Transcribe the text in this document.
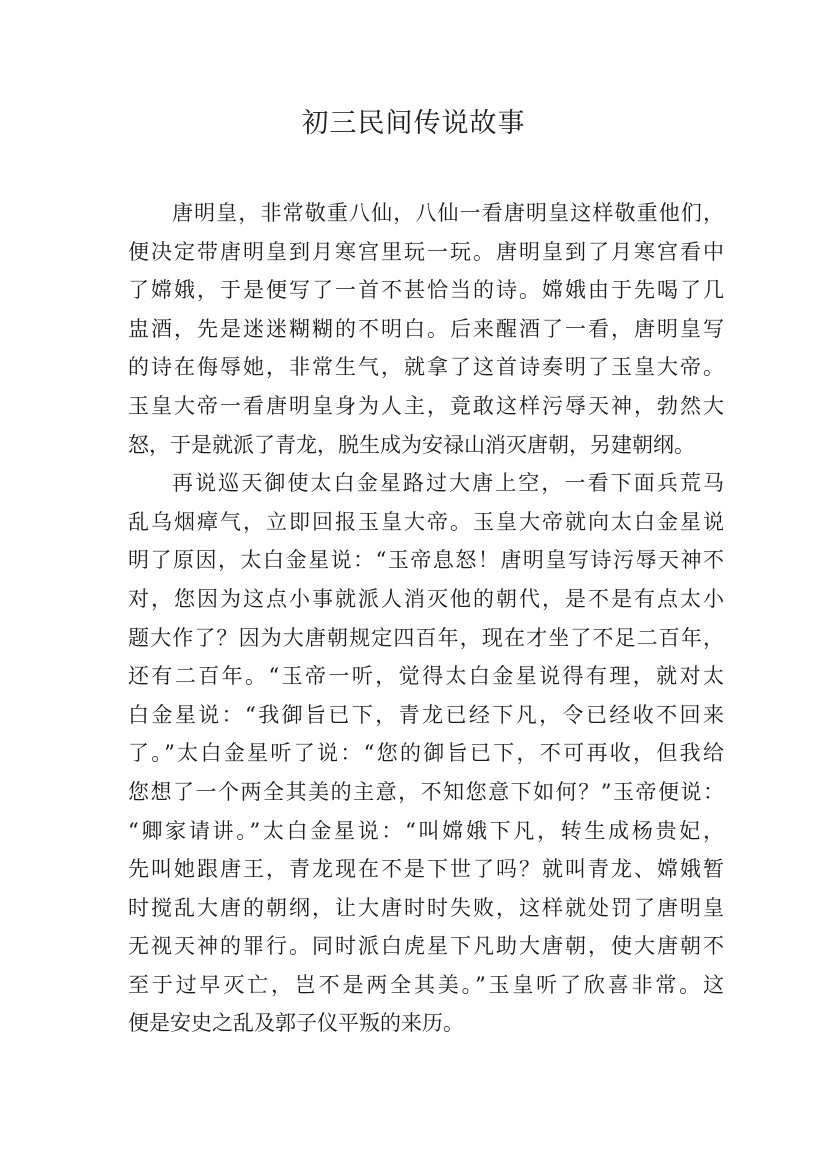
初三民间传说故事
唐明皇，非常敬重八仙，八仙一看唐明皇这样敬重他们，
便决定带唐明皇到月寒宫里玩一玩。唐明皇到了月寒宫看中
了嫦娥，于是便写了一首不甚恰当的诗。嫦娥由于先喝了几
盅酒，先是迷迷糊糊的不明白。后来醒酒了一看，唐明皇写
的诗在侮辱她，非常生气，就拿了这首诗奏明了玉皇大帝。
玉皇大帝一看唐明皇身为人主，竟敢这样污辱天神，勃然大
怒，于是就派了青龙，脱生成为安禄山消灭唐朝，另建朝纲。
再说巡天御使太白金星路过大唐上空，一看下面兵荒马
乱乌烟瘴气，立即回报玉皇大帝。玉皇大帝就向太白金星说
明了原因，太白金星说：“玉帝息怒！唐明皇写诗污辱天神不
对，您因为这点小事就派人消灭他的朝代，是不是有点太小
题大作了？因为大唐朝规定四百年，现在才坐了不足二百年，
还有二百年。“玉帝一听，觉得太白金星说得有理，就对太
白金星说：“我御旨已下，青龙已经下凡，令已经收不回来
了。”太白金星听了说：“您的御旨已下，不可再收，但我给
您想了一个两全其美的主意，不知您意下如何？”玉帝便说：
“卿家请讲。”太白金星说：“叫嫦娥下凡，转生成杨贵妃，
先叫她跟唐王，青龙现在不是下世了吗？就叫青龙、嫦娥暂
时搅乱大唐的朝纲，让大唐时时失败，这样就处罚了唐明皇
无视天神的罪行。同时派白虎星下凡助大唐朝，使大唐朝不
至于过早灭亡，岂不是两全其美。”玉皇听了欣喜非常。这
便是安史之乱及郭子仪平叛的来历。
